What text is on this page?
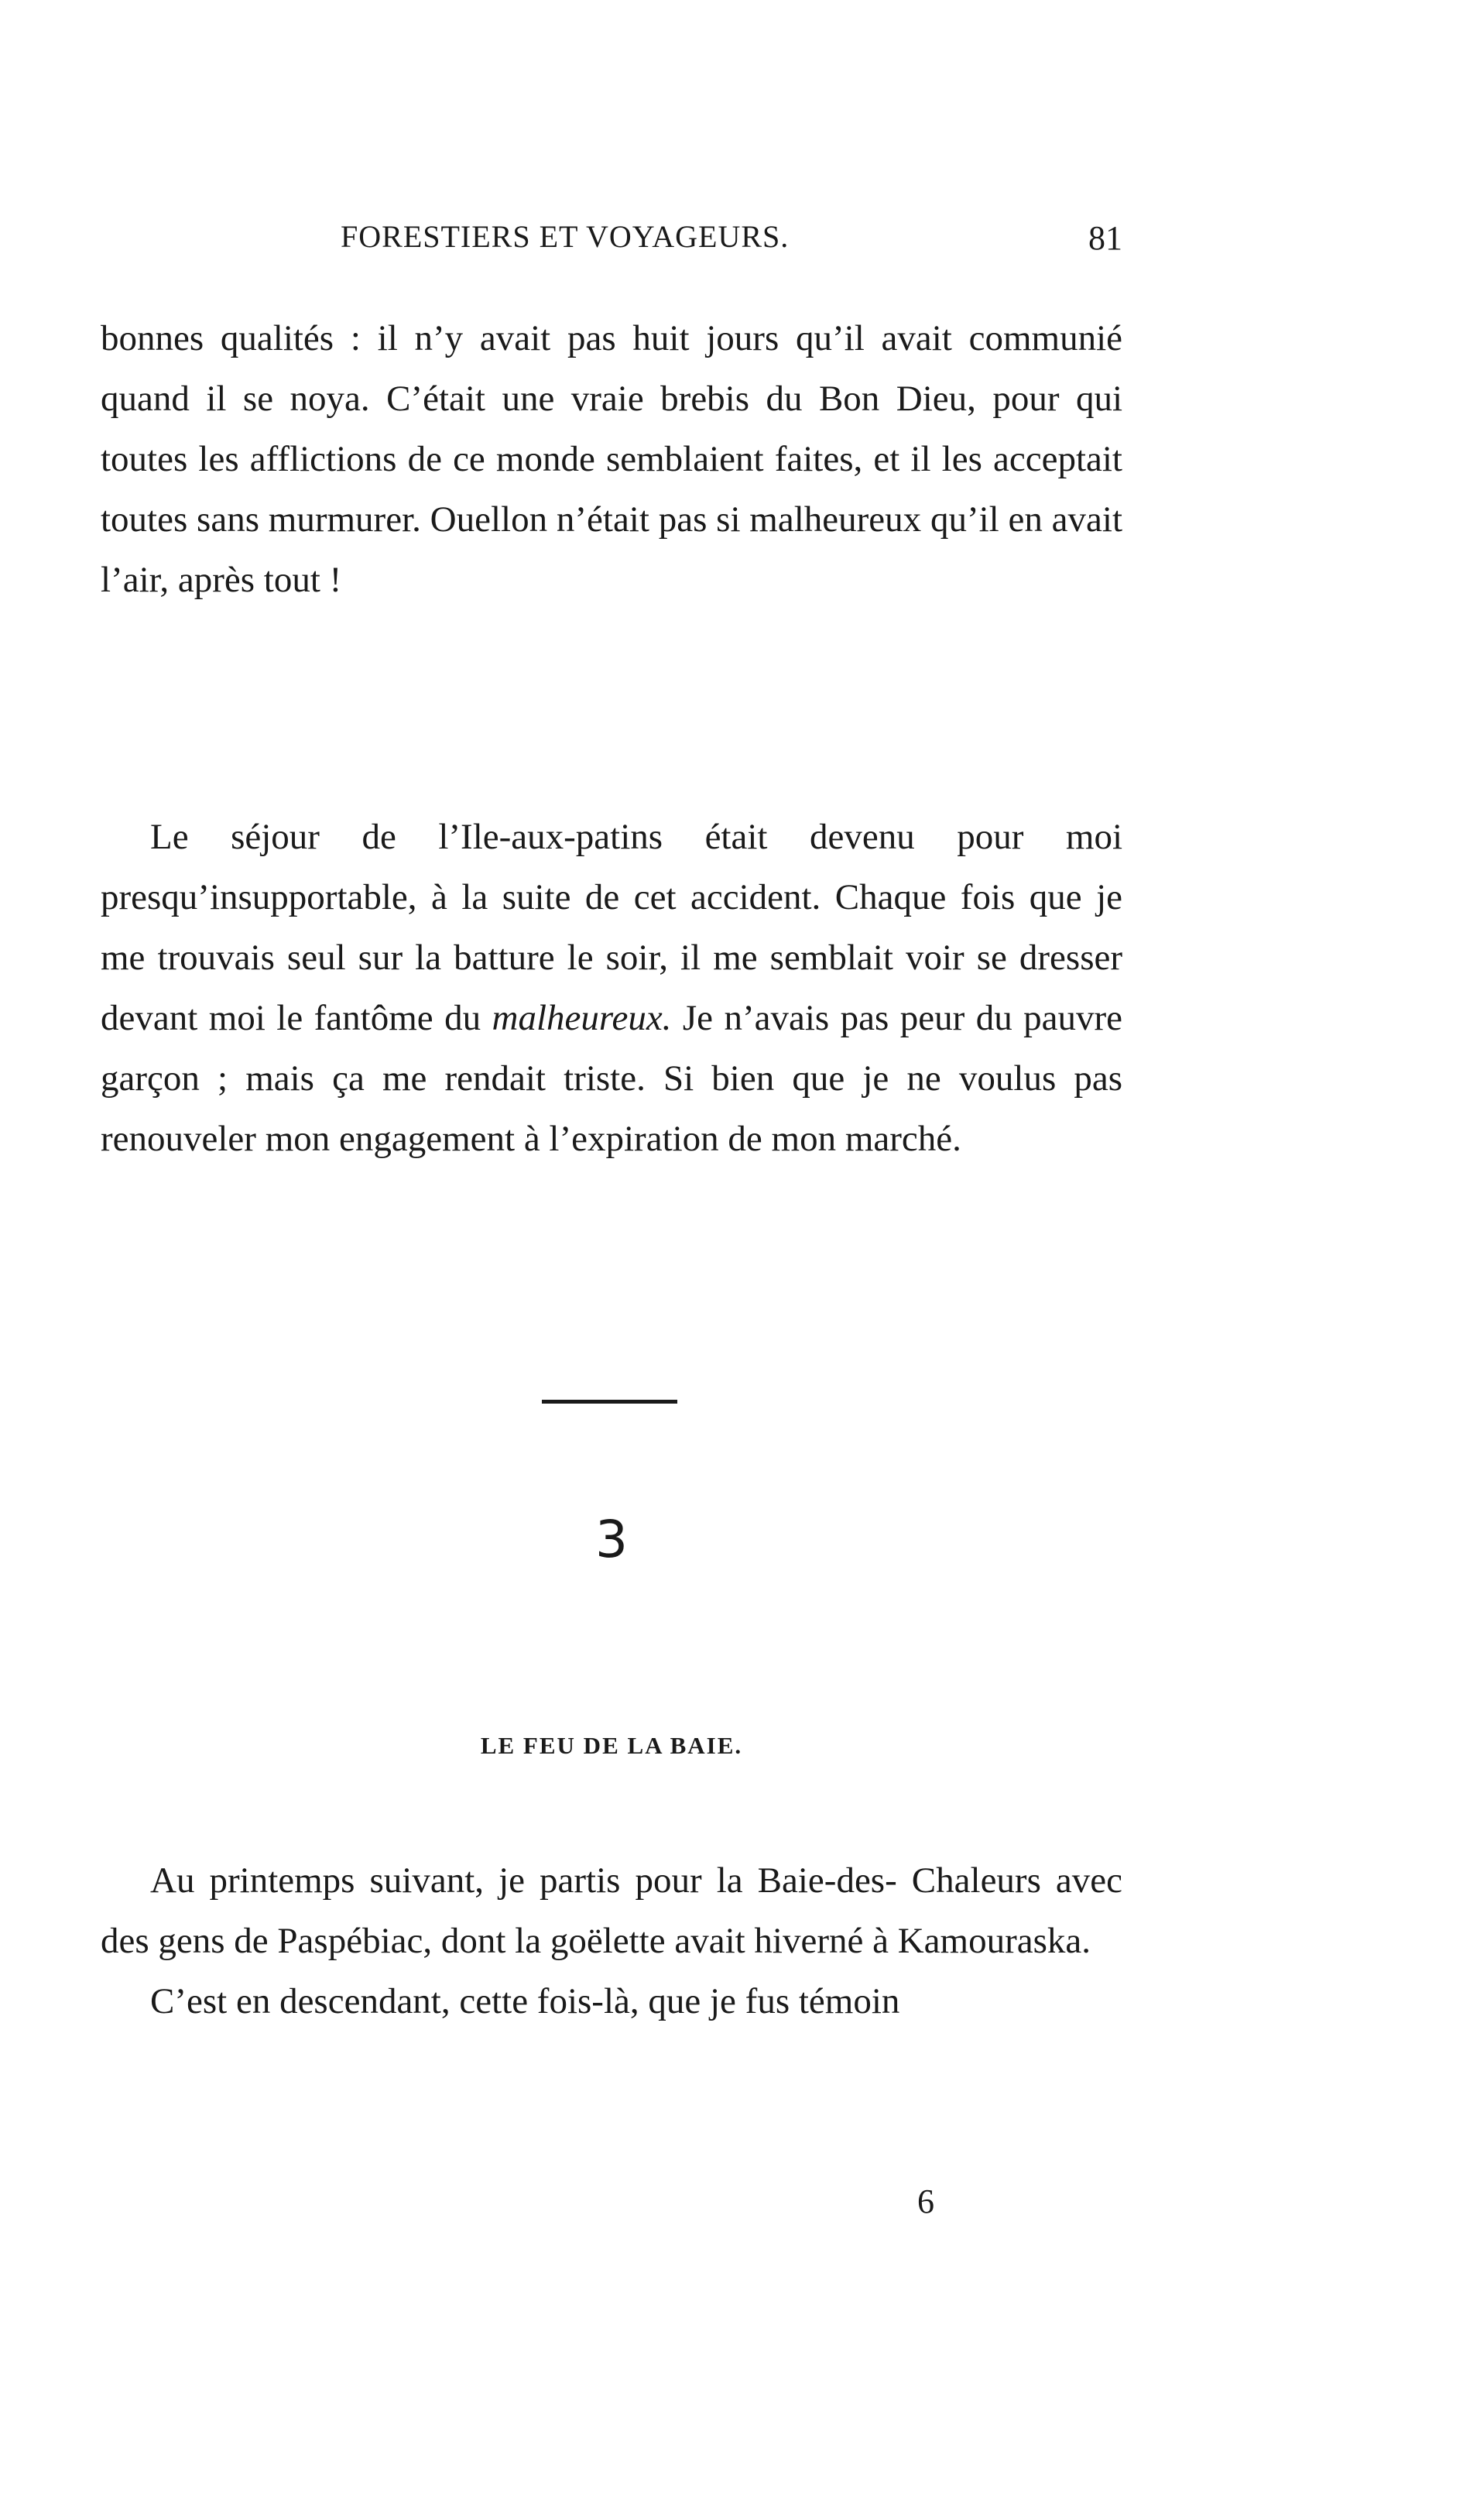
FORESTIERS ET VOYAGEURS.	81

bonnes qualités : il n’y avait pas huit jours qu’il avait communié quand il se noya. C’était une vraie brebis du Bon Dieu, pour qui toutes les afflictions de ce monde semblaient faites, et il les acceptait toutes sans murmurer. Ouellon n’était pas si malheureux qu’il en avait l’air, après tout !

Le séjour de l’Ile-aux-patins était devenu pour moi presqu’insupportable, à la suite de cet accident. Chaque fois que je me trouvais seul sur la batture le soir, il me semblait voir se dresser devant moi le fantôme du malheureux. Je n’avais pas peur du pauvre garçon ; mais ça me rendait triste. Si bien que je ne voulus pas renouveler mon engagement à l’expiration de mon marché.

3
LE FEU DE LA BAIE.

Au printemps suivant, je partis pour la Baie-des- Chaleurs avec des gens de Paspébiac, dont la goëlette avait hiverné à Kamouraska.

C’est en descendant, cette fois-là, que je fus témoin

6
